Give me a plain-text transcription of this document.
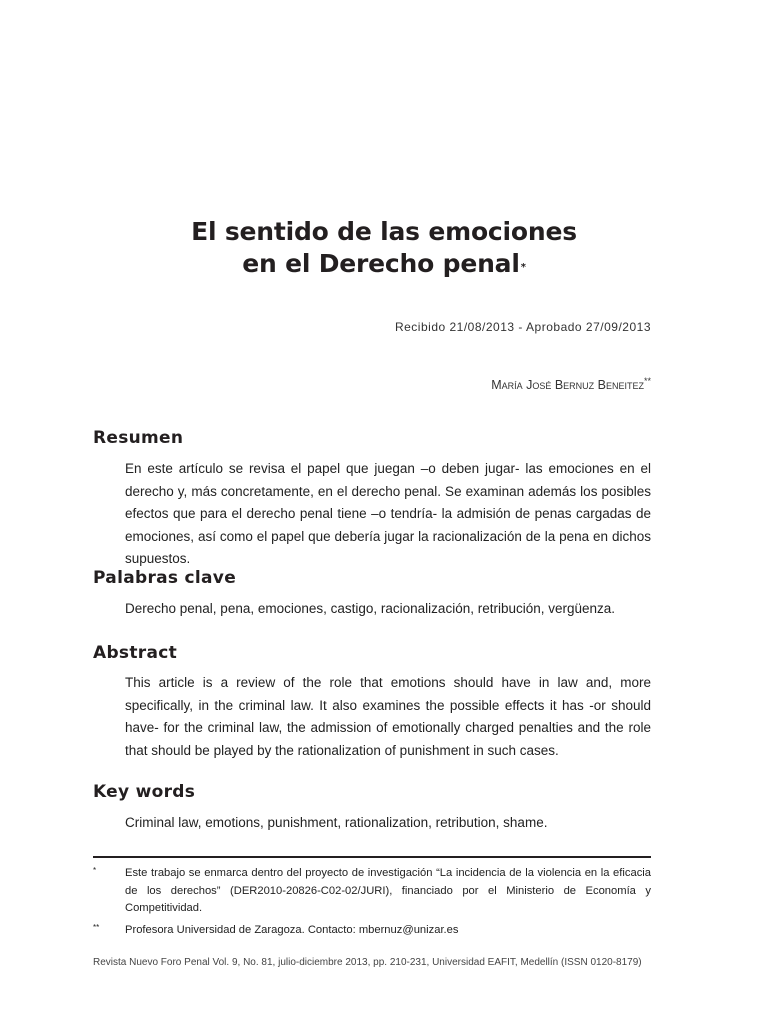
El sentido de las emociones
en el Derecho penal*
Recibido 21/08/2013 - Aprobado 27/09/2013
María José Bernuz Beneitez**
Resumen
En este artículo se revisa el papel que juegan –o deben jugar- las emociones en el derecho y, más concretamente, en el derecho penal. Se examinan además los posibles efectos que para el derecho penal tiene –o tendría- la admisión de penas cargadas de emociones, así como el papel que debería jugar la racionalización de la pena en dichos supuestos.
Palabras clave
Derecho penal, pena, emociones, castigo, racionalización, retribución, vergüenza.
Abstract
This article is a review of the role that emotions should have in law and, more specifically, in the criminal law. It also examines the possible effects it has -or should have- for the criminal law, the admission of emotionally charged penalties and the role that should be played by the rationalization of punishment in such cases.
Key words
Criminal law, emotions, punishment, rationalization, retribution, shame.
*	Este trabajo se enmarca dentro del proyecto de investigación “La incidencia de la violencia en la eficacia de los derechos” (DER2010-20826-C02-02/JURI), financiado por el Ministerio de Economía y Competitividad.
** Profesora Universidad de Zaragoza. Contacto: mbernuz@unizar.es
Revista Nuevo Foro Penal Vol. 9, No. 81, julio-diciembre 2013, pp. 210-231, Universidad EAFIT, Medellín (ISSN 0120-8179)
